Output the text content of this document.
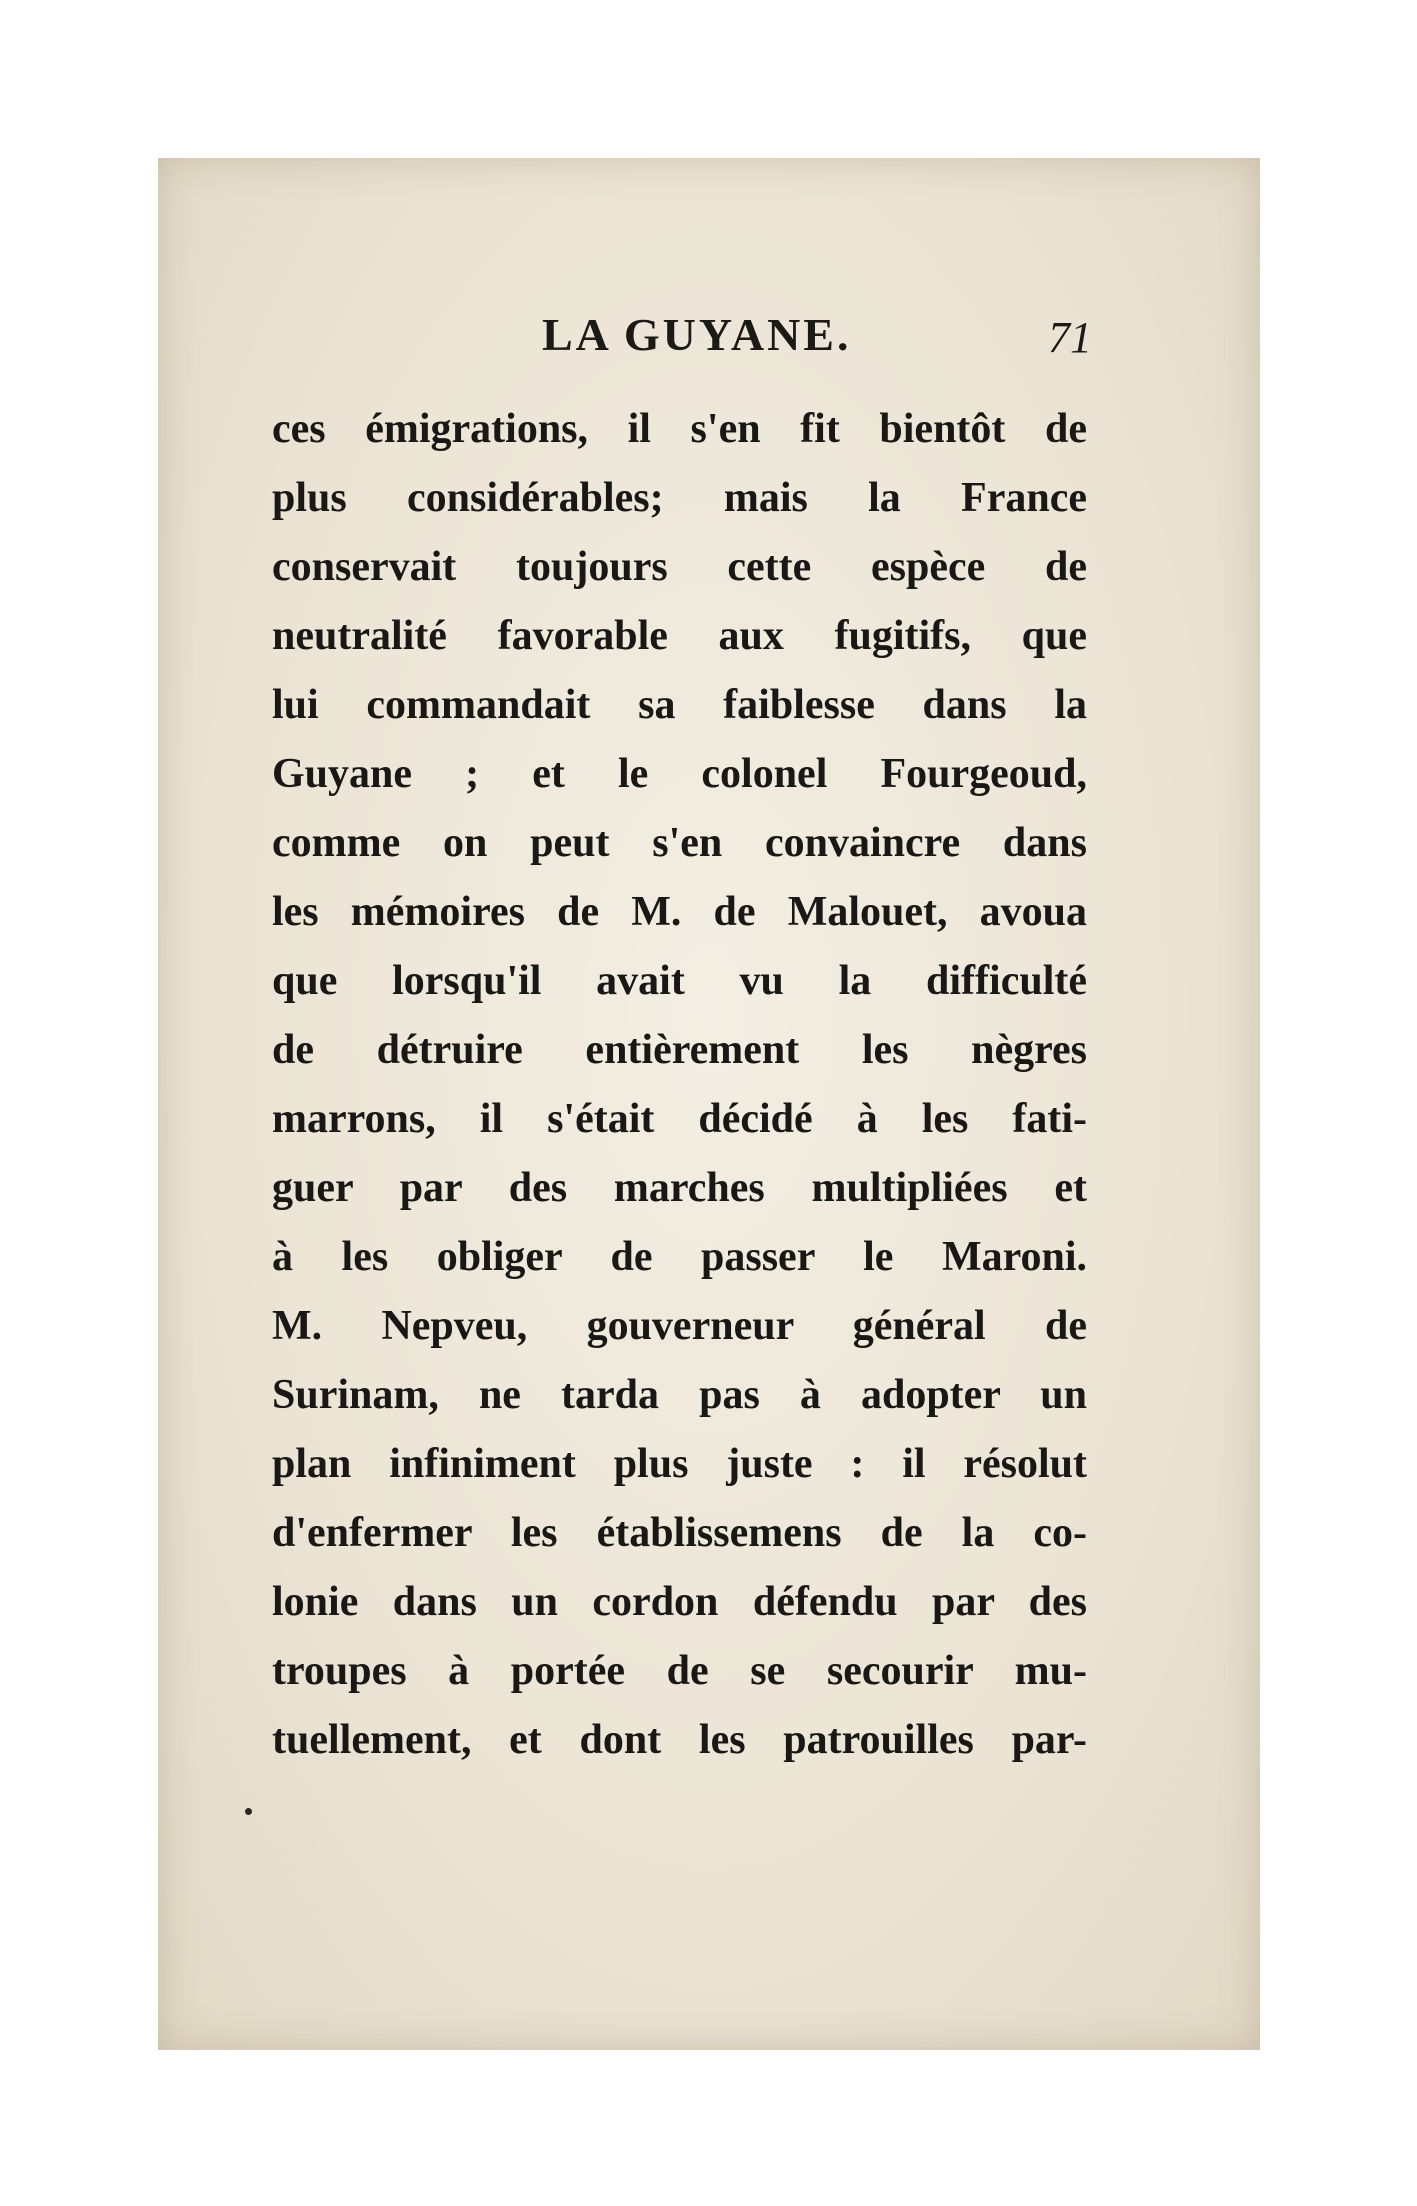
LA GUYANE.	71
ces émigrations, il s'en fit bientôt de
plus considérables; mais la France
conservait toujours cette espèce de
neutralité favorable aux fugitifs, que
lui commandait sa faiblesse dans la
Guyane ; et le colonel Fourgeoud,
comme on peut s'en convaincre dans
les mémoires de M. de Malouet, avoua
que lorsqu'il avait vu la difficulté
de détruire entièrement les nègres
marrons, il s'était décidé à les fati-
guer par des marches multipliées et
à les obliger de passer le Maroni.
M. Nepveu, gouverneur général de
Surinam, ne tarda pas à adopter un
plan infiniment plus juste : il résolut
d'enfermer les établissemens de la co-
lonie dans un cordon défendu par des
troupes à portée de se secourir mu-
tuellement, et dont les patrouilles par-
